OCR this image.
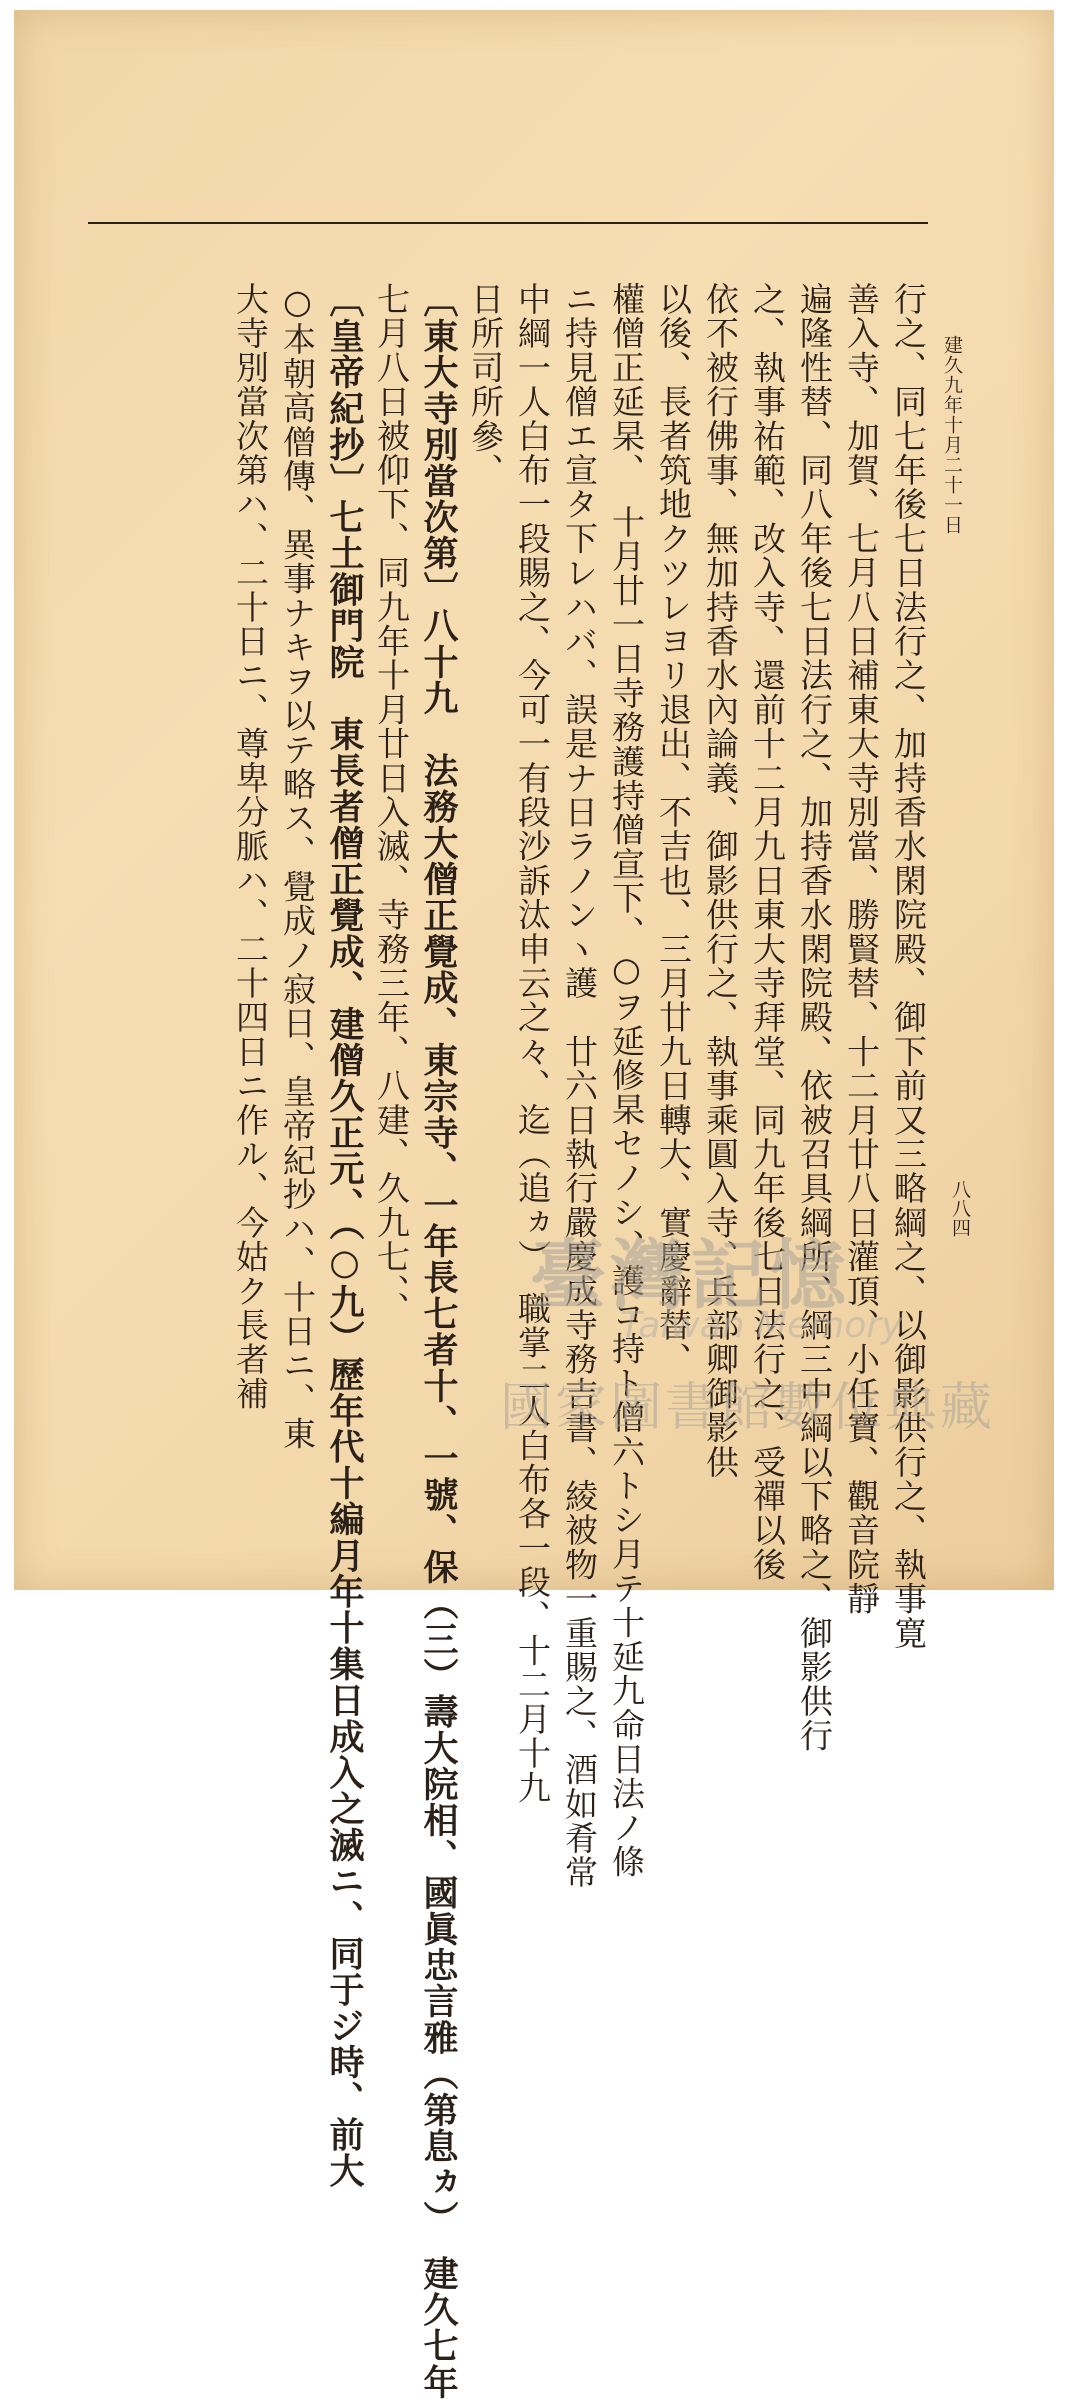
建久九年十月二十一日
八八四
行之、同七年後七日法行之、加持香水閑院殿、御下前又三略綱之、以御影供行之、執事寛
善入寺、加賀、七月八日補東大寺別當、勝賢替、十二月廿八日灌頂、小任寶、觀音院靜
遍隆性替、同八年後七日法行之、加持香水閑院殿、依被召具綱所、綱三中綱以下略之、御影供行
之、執事祐範、改入寺、還前十二月九日東大寺拜堂、同九年後七日法行之、受禪以後
依不被行佛事、無加持香水內論義、御影供行之、執事乘圓入寺、兵部卿御影供
以後、長者筑地クツレヨリ退出、不吉也、三月廿九日轉大、實慶辭替、
權僧正延杲、　十月廿一日寺務護持僧宣下、○ヲ延修杲セノシ、護コ持ト僧六トシ月テ十延九命日法ノ條
ニ持見僧エ宣タ下レハバ、誤是ナ日ラノンヽ護　廿六日執行嚴慶成寺務吉書、綾被物一重賜之、酒如肴常
中綱一人白布一段賜之、今可一有段沙訴汰申云之々、迄（追ヵ）　職掌二人白布各一段、十二月十九
日所司所參、
〔東大寺別當次第〕八十九　法務大僧正覺成、東宗寺、一年長七者十、一號、保（三）壽大院相、國眞忠言雅（第息ヵ）　建久七年
七月八日被仰下、同九年十月廿日入滅、寺務三年、八建、久九七、、
〔皇帝紀抄〕七土御門院　東長者僧正覺成、建僧久正元、（○九）歷年代十編月年十集日成入之滅ニ、同于ジ時、前大
○本朝高僧傳、異事ナキヲ以テ略ス、覺成ノ寂日、皇帝紀抄ハ、十日ニ、東
大寺別當次第ハ、二十日ニ、尊卑分脈ハ、二十四日ニ作ル、今姑ク長者補	臺灣記憶
Taiwan Memory
國家圖書館數位典藏
